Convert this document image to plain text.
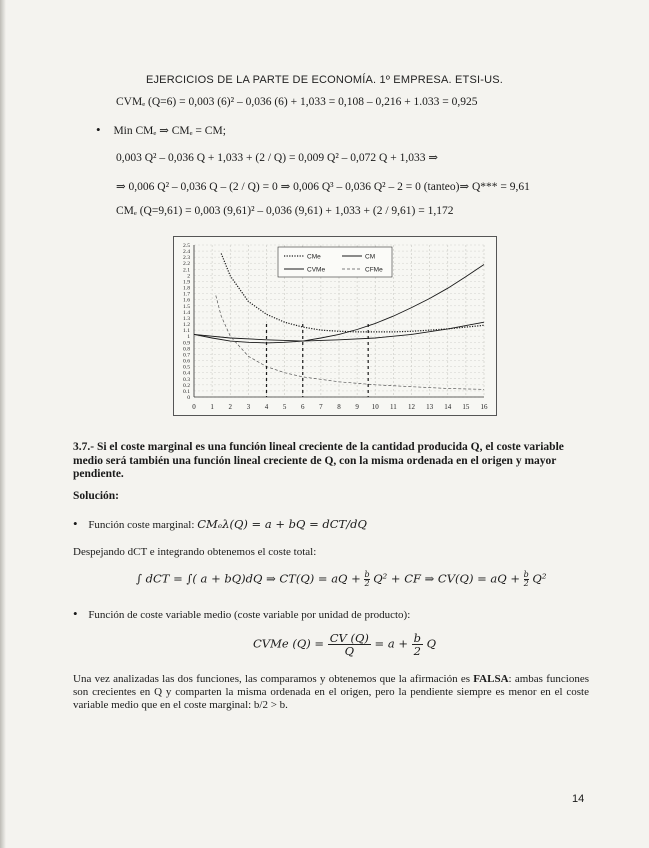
EJERCICIOS DE LA PARTE DE ECONOMÍA. 1º EMPRESA. ETSI-US.
CVMₑ (Q=6) = 0,003 (6)² – 0,036 (6) + 1,033 = 0,108 – 0,216 + 1.033 = 0,925
• Min CMₑ ⇒ CMₑ = CM;
0,003 Q² – 0,036 Q + 1,033 + (2 / Q) = 0,009 Q² – 0,072 Q + 1,033 ⇒
⇒ 0,006 Q² – 0,036 Q – (2 / Q) = 0 ⇒ 0,006 Q³ – 0,036 Q² – 2 = 0 (tanteo)⇒ Q*** = 9,61
CMₑ (Q=9,61) = 0,003 (9,61)² – 0,036 (9,61) + 1,033 + (2 / 9,61) = 1,172
0 1 2 3 4 5 6 7 8 9 10 11 12 13 14 15 16
0
0.1
0.2
0.3
0.4
0.5
0.6
0.7
0.8
0.9
1
1.1
1.2
1.3
1.4
1.5
1.6
1.7
1.8
1.9
2
2.1
2.2
2.3
2.4
2.5
CMe	CM
CVMe	CFMe
3.7.- Si el coste marginal es una función lineal creciente de la cantidad producida Q, el coste variable medio será también una función lineal creciente de Q, con la misma ordenada en el origen y mayor pendiente.
Solución:
• Función coste marginal: CMₑ𝜆(Q) = a + bQ = dCT/dQ
Despejando dCT e integrando obtenemos el coste total:
∫ dCT = ∫( a + bQ)dQ ⇒ CT(Q) = aQ + $\frac{b}{2} Q^2$ + CF ⇒ CV(Q) = aQ + $\frac{b}{2} Q^2$
• Función de coste variable medio (coste variable por unidad de producto):
CVMe $(Q) = \frac{CV (Q)}{Q} = a + \frac{b}{2}$ Q
Una vez analizadas las dos funciones, las comparamos y obtenemos que la afirmación es FALSA: ambas funciones son crecientes en Q y comparten la misma ordenada en el origen, pero la pendiente siempre es menor en el coste variable medio que en el coste marginal: b/2 > b.
14
